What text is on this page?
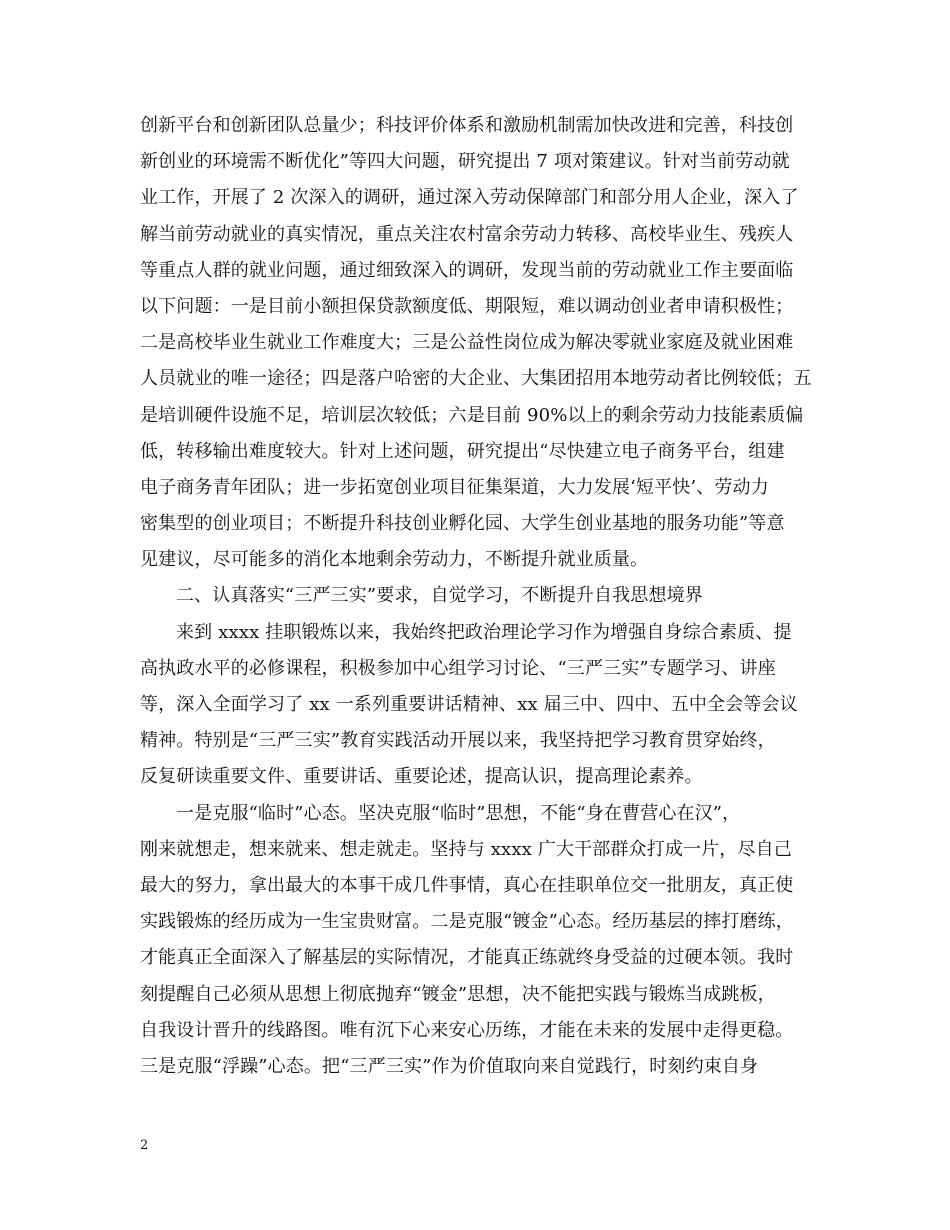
创新平台和创新团队总量少；科技评价体系和激励机制需加快改进和完善，科技创
新创业的环境需不断优化”等四大问题，研究提出 7 项对策建议。针对当前劳动就
业工作，开展了 2 次深入的调研，通过深入劳动保障部门和部分用人企业，深入了
解当前劳动就业的真实情况，重点关注农村富余劳动力转移、高校毕业生、残疾人
等重点人群的就业问题，通过细致深入的调研，发现当前的劳动就业工作主要面临
以下问题：一是目前小额担保贷款额度低、期限短，难以调动创业者申请积极性；
二是高校毕业生就业工作难度大；三是公益性岗位成为解决零就业家庭及就业困难
人员就业的唯一途径；四是落户哈密的大企业、大集团招用本地劳动者比例较低；五
是培训硬件设施不足，培训层次较低；六是目前 90%以上的剩余劳动力技能素质偏
低，转移输出难度较大。针对上述问题，研究提出“尽快建立电子商务平台，组建
电子商务青年团队；进一步拓宽创业项目征集渠道，大力发展‘短平快’、劳动力
密集型的创业项目；不断提升科技创业孵化园、大学生创业基地的服务功能”等意
见建议，尽可能多的消化本地剩余劳动力，不断提升就业质量。
二、认真落实“三严三实”要求，自觉学习，不断提升自我思想境界
来到 xxxx 挂职锻炼以来，我始终把政治理论学习作为增强自身综合素质、提
高执政水平的必修课程，积极参加中心组学习讨论、“三严三实”专题学习、讲座
等，深入全面学习了 xx 一系列重要讲话精神、xx 届三中、四中、五中全会等会议
精神。特别是“三严三实”教育实践活动开展以来，我坚持把学习教育贯穿始终，
反复研读重要文件、重要讲话、重要论述，提高认识，提高理论素养。
一是克服“临时”心态。坚决克服“临时”思想，不能“身在曹营心在汉”，
刚来就想走，想来就来、想走就走。坚持与 xxxx 广大干部群众打成一片，尽自己
最大的努力，拿出最大的本事干成几件事情，真心在挂职单位交一批朋友，真正使
实践锻炼的经历成为一生宝贵财富。二是克服“镀金”心态。经历基层的摔打磨练，
才能真正全面深入了解基层的实际情况，才能真正练就终身受益的过硬本领。我时
刻提醒自己必须从思想上彻底抛弃“镀金”思想，决不能把实践与锻炼当成跳板，
自我设计晋升的线路图。唯有沉下心来安心历练，才能在未来的发展中走得更稳。
三是克服“浮躁”心态。把“三严三实”作为价值取向来自觉践行，时刻约束自身
2
